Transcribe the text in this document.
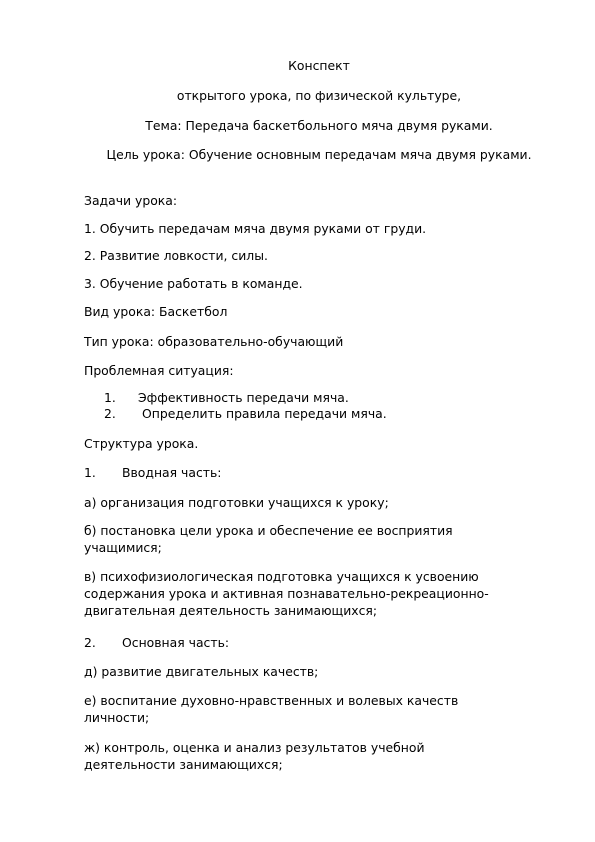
Конспект
открытого урока, по физической культуре,
Тема: Передача баскетбольного мяча двумя руками.
Цель урока: Обучение основным передачам мяча двумя руками.
Задачи урока:
1. Обучить передачам мяча двумя руками от груди.
2. Развитие ловкости, силы.
3. Обучение работать в команде.
Вид урока: Баскетбол
Тип урока: образовательно-обучающий
Проблемная ситуация:
1. Эффективность передачи мяча.
2. Определить правила передачи мяча.
Структура урока.
1. Вводная часть:
а) организация подготовки учащихся к уроку;
б) постановка цели урока и обеспечение ее восприятия учащимися;
в) психофизиологическая подготовка учащихся к усвоению содержания урока и активная познавательно-рекреационно-двигательная деятельность занимающихся;
2. Основная часть:
д) развитие двигательных качеств;
е) воспитание духовно-нравственных и волевых качеств личности;
ж) контроль, оценка и анализ результатов учебной деятельности занимающихся;
